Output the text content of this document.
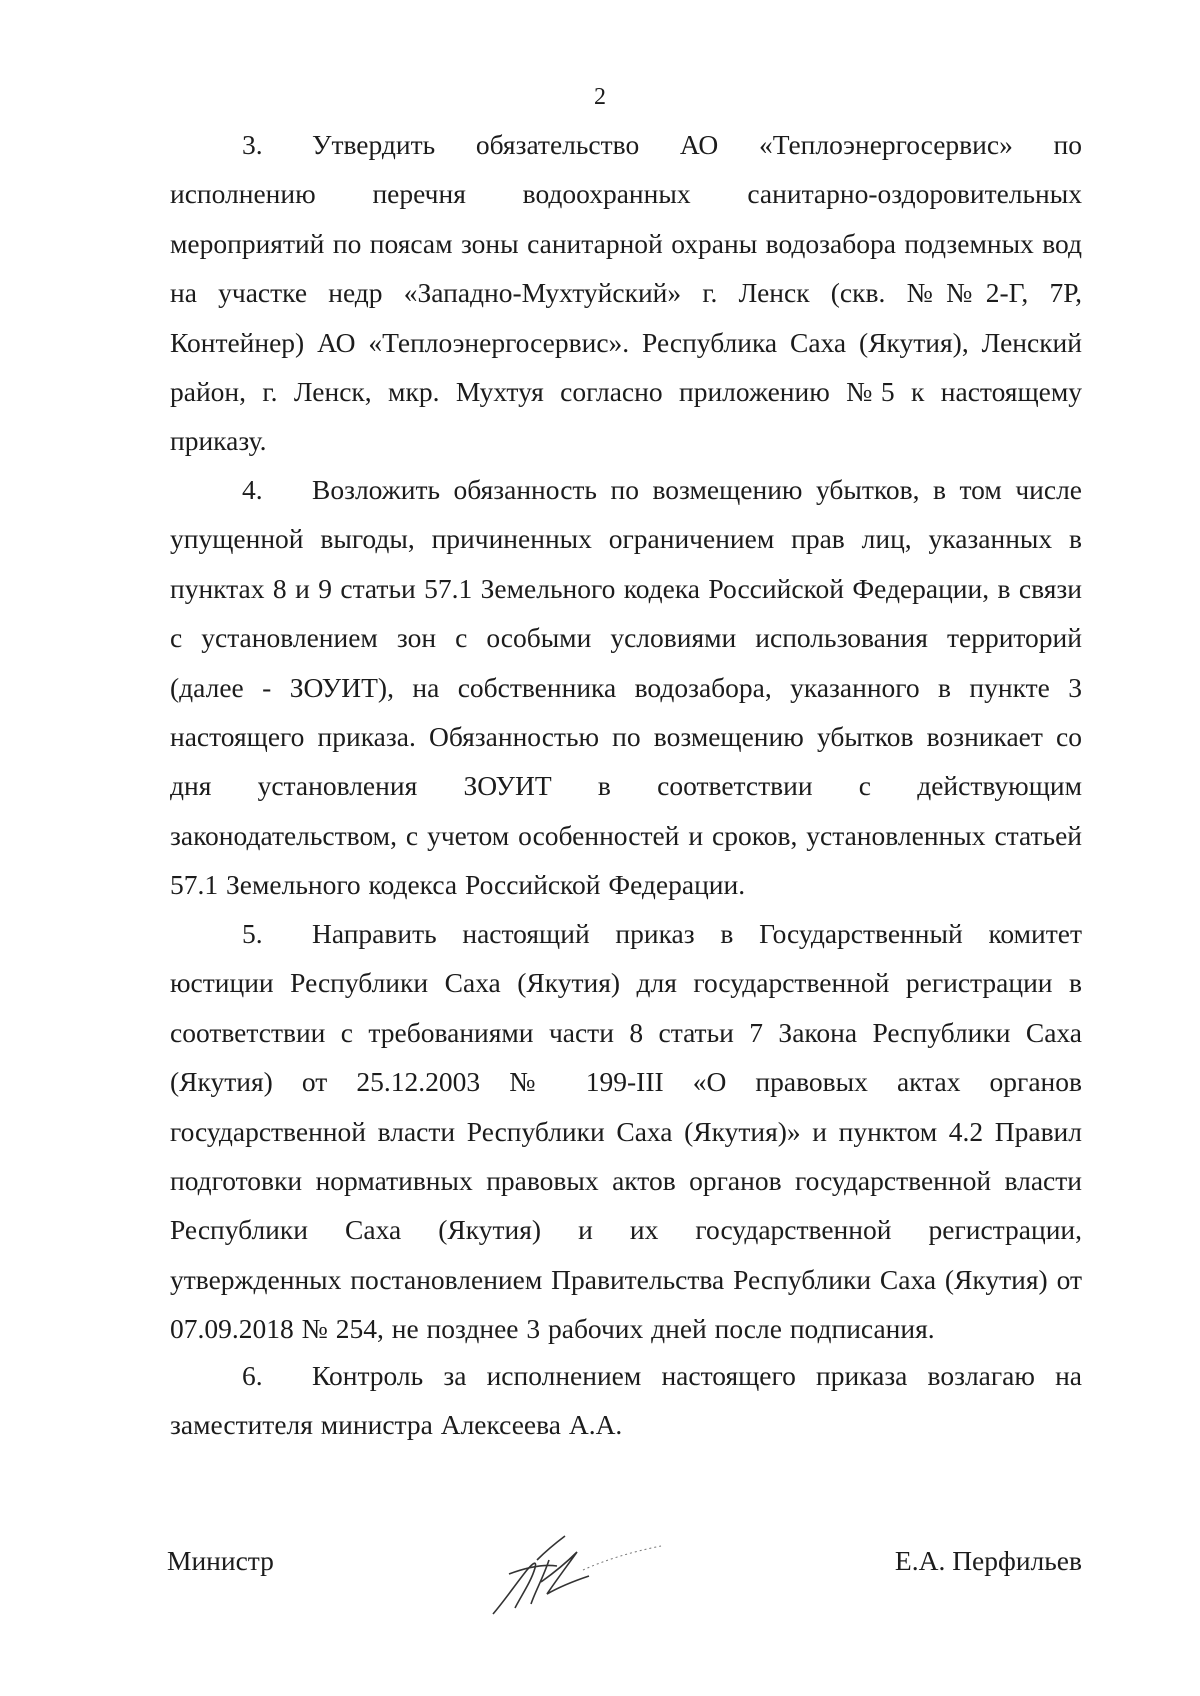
2
3. Утвердить обязательство АО «Теплоэнергосервис» по исполнению перечня водоохранных санитарно-оздоровительных мероприятий по поясам зоны санитарной охраны водозабора подземных вод на участке недр «Западно-Мухтуйский» г. Ленск (скв. №№2-Г, 7Р, Контейнер) АО «Теплоэнергосервис». Республика Саха (Якутия), Ленский район, г. Ленск, мкр. Мухтуя согласно приложению №5 к настоящему приказу.
4. Возложить обязанность по возмещению убытков, в том числе упущенной выгоды, причиненных ограничением прав лиц, указанных в пунктах 8 и 9 статьи 57.1 Земельного кодека Российской Федерации, в связи с установлением зон с особыми условиями использования территорий (далее - ЗОУИТ), на собственника водозабора, указанного в пункте 3 настоящего приказа. Обязанностью по возмещению убытков возникает со дня установления ЗОУИТ в соответствии с действующим законодательством, с учетом особенностей и сроков, установленных статьей 57.1 Земельного кодекса Российской Федерации.
5. Направить настоящий приказ в Государственный комитет юстиции Республики Саха (Якутия) для государственной регистрации в соответствии с требованиями части 8 статьи 7 Закона Республики Саха (Якутия) от 25.12.2003 № 199-III «О правовых актах органов государственной власти Республики Саха (Якутия)» и пунктом 4.2 Правил подготовки нормативных правовых актов органов государственной власти Республики Саха (Якутия) и их государственной регистрации, утвержденных постановлением Правительства Республики Саха (Якутия) от 07.09.2018 № 254, не позднее 3 рабочих дней после подписания.
6. Контроль за исполнением настоящего приказа возлагаю на заместителя министра Алексеева А.А.
Министр	Е.А. Перфильев
